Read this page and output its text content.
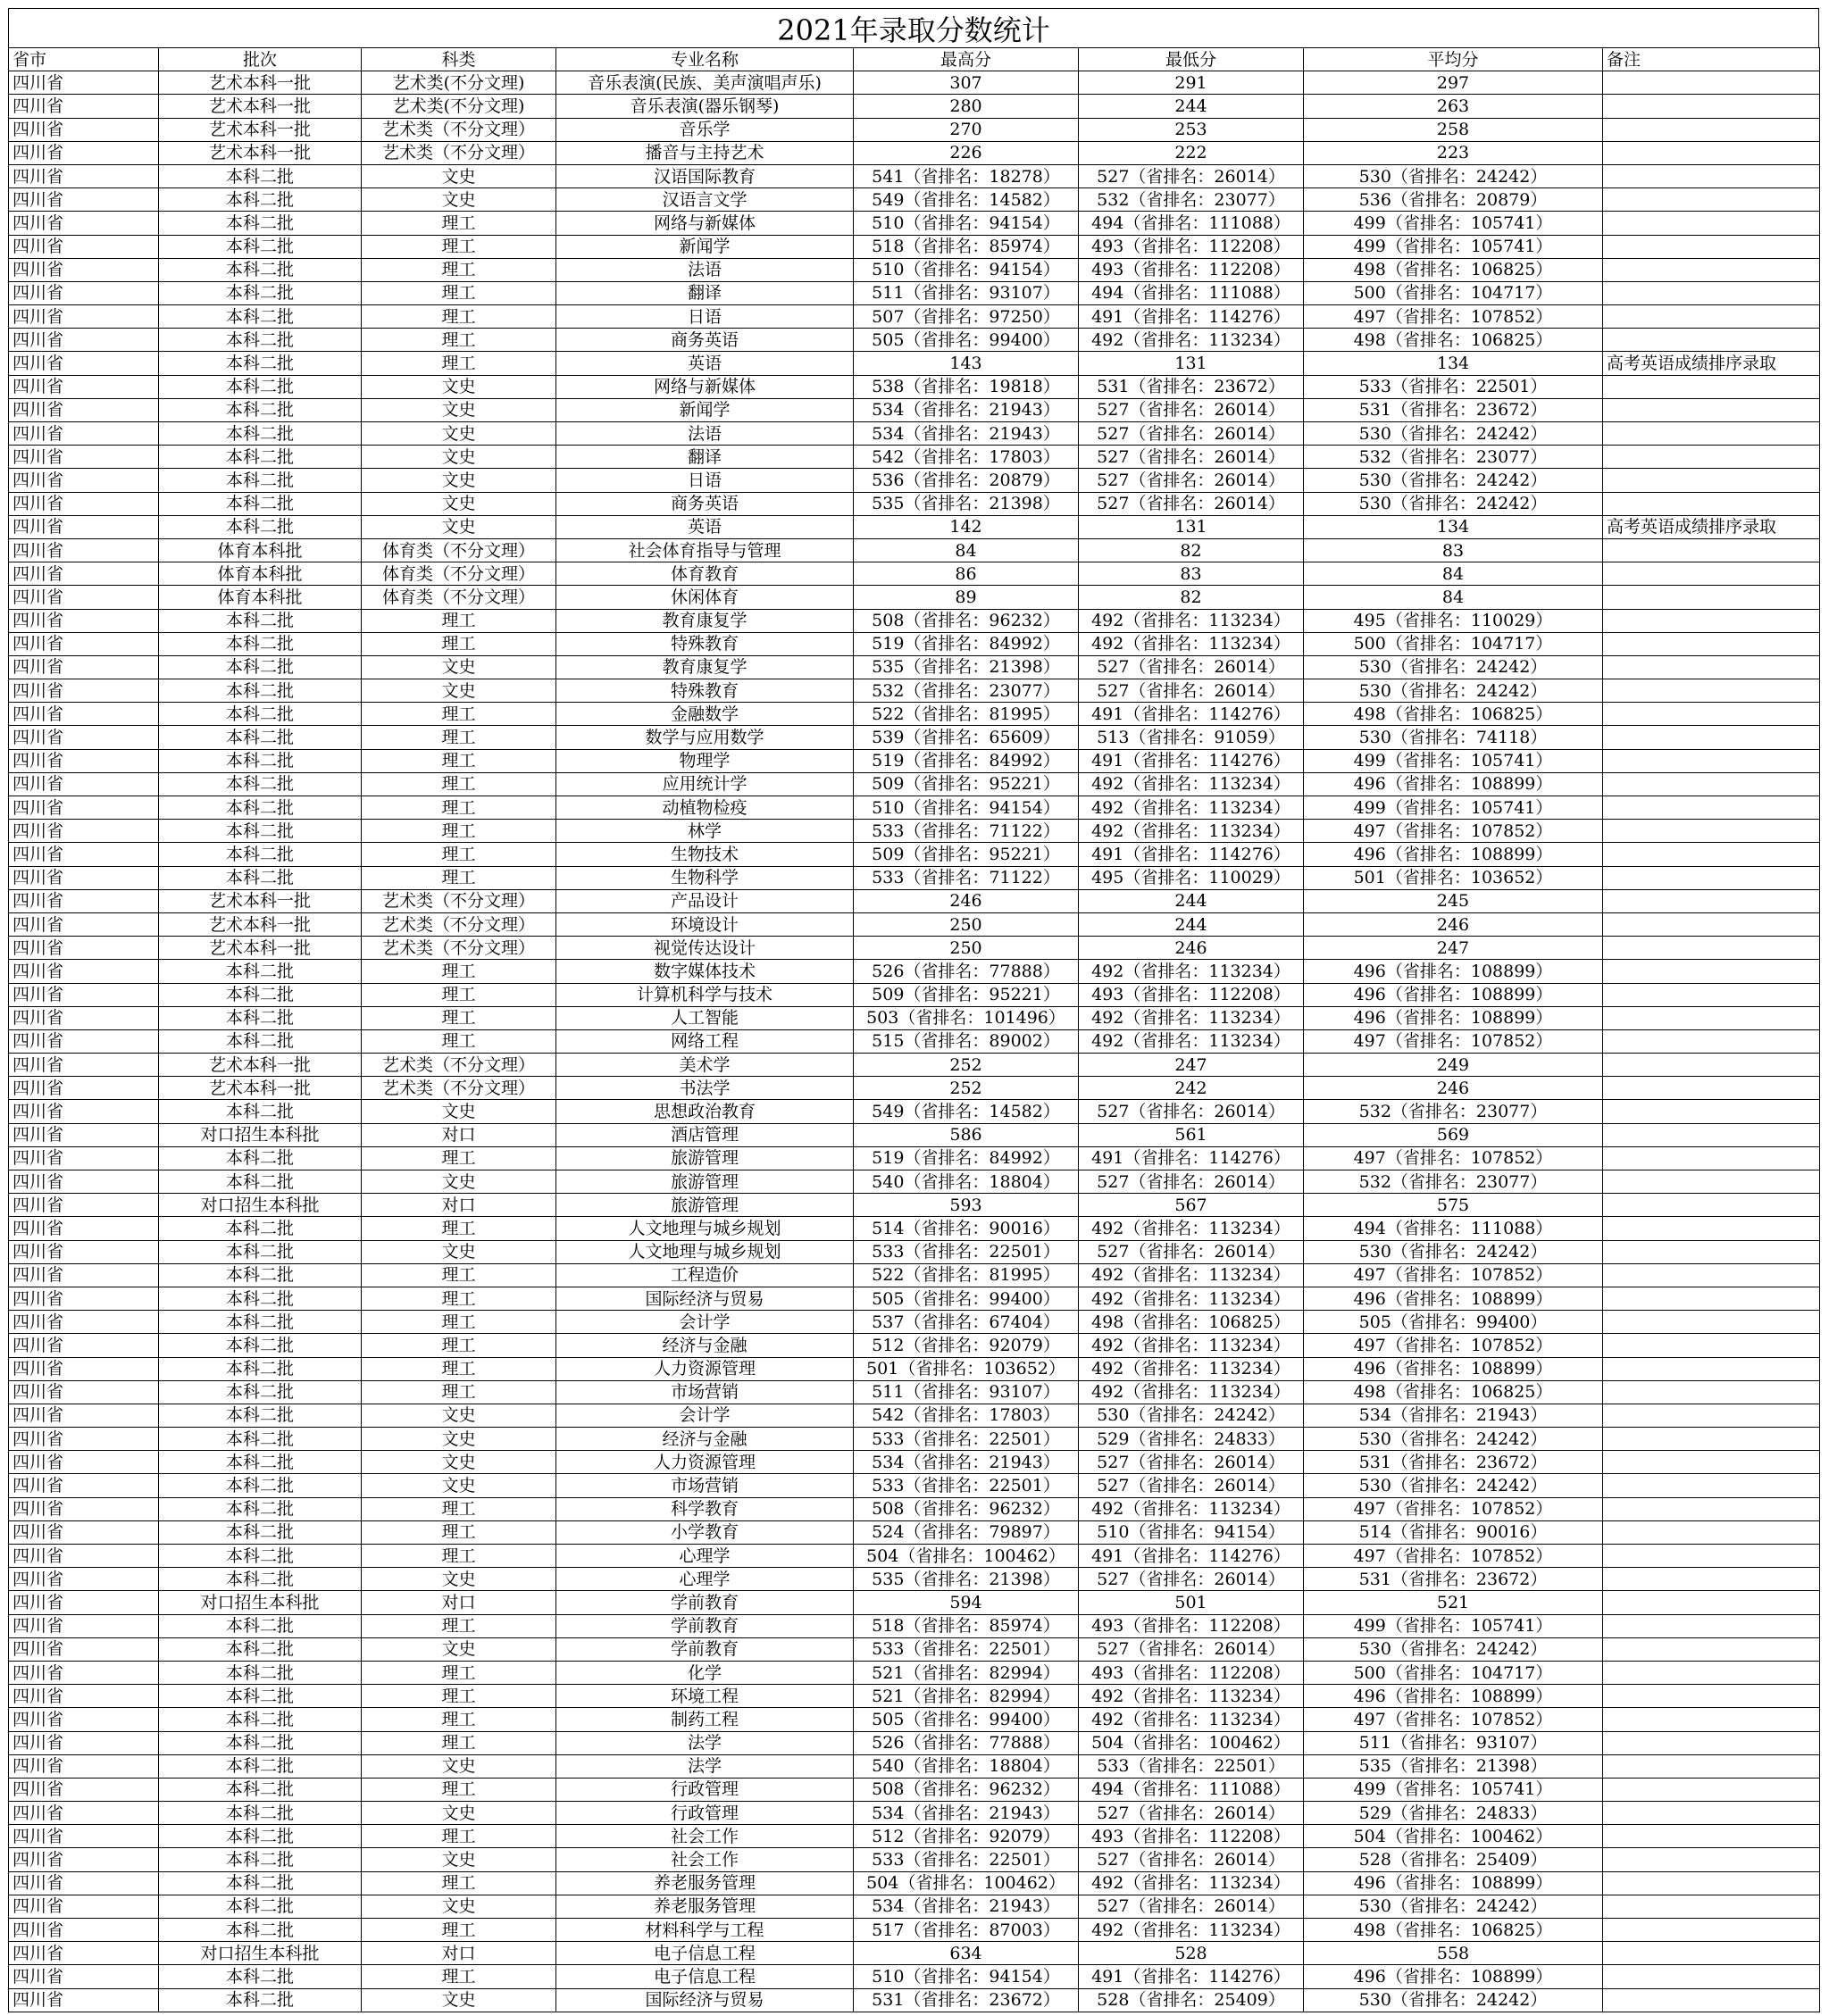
2021年录取分数统计
省市	批次	科类	专业名称	最高分	最低分	平均分	备注
四川省	艺术本科一批	艺术类(不分文理)	音乐表演(民族、美声演唱声乐)	307	291	297	
四川省	艺术本科一批	艺术类(不分文理)	音乐表演(器乐钢琴)	280	244	263	
四川省	艺术本科一批	艺术类（不分文理）	音乐学	270	253	258	
四川省	艺术本科一批	艺术类（不分文理）	播音与主持艺术	226	222	223	
四川省	本科二批	文史	汉语国际教育	541（省排名：18278）	527（省排名：26014）	530（省排名：24242）	
四川省	本科二批	文史	汉语言文学	549（省排名：14582）	532（省排名：23077）	536（省排名：20879）	
四川省	本科二批	理工	网络与新媒体	510（省排名：94154）	494（省排名：111088）	499（省排名：105741）	
四川省	本科二批	理工	新闻学	518（省排名：85974）	493（省排名：112208）	499（省排名：105741）	
四川省	本科二批	理工	法语	510（省排名：94154）	493（省排名：112208）	498（省排名：106825）	
四川省	本科二批	理工	翻译	511（省排名：93107）	494（省排名：111088）	500（省排名：104717）	
四川省	本科二批	理工	日语	507（省排名：97250）	491（省排名：114276）	497（省排名：107852）	
四川省	本科二批	理工	商务英语	505（省排名：99400）	492（省排名：113234）	498（省排名：106825）	
四川省	本科二批	理工	英语	143	131	134	高考英语成绩排序录取
四川省	本科二批	文史	网络与新媒体	538（省排名：19818）	531（省排名：23672）	533（省排名：22501）	
四川省	本科二批	文史	新闻学	534（省排名：21943）	527（省排名：26014）	531（省排名：23672）	
四川省	本科二批	文史	法语	534（省排名：21943）	527（省排名：26014）	530（省排名：24242）	
四川省	本科二批	文史	翻译	542（省排名：17803）	527（省排名：26014）	532（省排名：23077）	
四川省	本科二批	文史	日语	536（省排名：20879）	527（省排名：26014）	530（省排名：24242）	
四川省	本科二批	文史	商务英语	535（省排名：21398）	527（省排名：26014）	530（省排名：24242）	
四川省	本科二批	文史	英语	142	131	134	高考英语成绩排序录取
四川省	体育本科批	体育类（不分文理）	社会体育指导与管理	84	82	83	
四川省	体育本科批	体育类（不分文理）	体育教育	86	83	84	
四川省	体育本科批	体育类（不分文理）	休闲体育	89	82	84	
四川省	本科二批	理工	教育康复学	508（省排名：96232）	492（省排名：113234）	495（省排名：110029）	
四川省	本科二批	理工	特殊教育	519（省排名：84992）	492（省排名：113234）	500（省排名：104717）	
四川省	本科二批	文史	教育康复学	535（省排名：21398）	527（省排名：26014）	530（省排名：24242）	
四川省	本科二批	文史	特殊教育	532（省排名：23077）	527（省排名：26014）	530（省排名：24242）	
四川省	本科二批	理工	金融数学	522（省排名：81995）	491（省排名：114276）	498（省排名：106825）	
四川省	本科二批	理工	数学与应用数学	539（省排名：65609）	513（省排名：91059）	530（省排名：74118）	
四川省	本科二批	理工	物理学	519（省排名：84992）	491（省排名：114276）	499（省排名：105741）	
四川省	本科二批	理工	应用统计学	509（省排名：95221）	492（省排名：113234）	496（省排名：108899）	
四川省	本科二批	理工	动植物检疫	510（省排名：94154）	492（省排名：113234）	499（省排名：105741）	
四川省	本科二批	理工	林学	533（省排名：71122）	492（省排名：113234）	497（省排名：107852）	
四川省	本科二批	理工	生物技术	509（省排名：95221）	491（省排名：114276）	496（省排名：108899）	
四川省	本科二批	理工	生物科学	533（省排名：71122）	495（省排名：110029）	501（省排名：103652）	
四川省	艺术本科一批	艺术类（不分文理）	产品设计	246	244	245	
四川省	艺术本科一批	艺术类（不分文理）	环境设计	250	244	246	
四川省	艺术本科一批	艺术类（不分文理）	视觉传达设计	250	246	247	
四川省	本科二批	理工	数字媒体技术	526（省排名：77888）	492（省排名：113234）	496（省排名：108899）	
四川省	本科二批	理工	计算机科学与技术	509（省排名：95221）	493（省排名：112208）	496（省排名：108899）	
四川省	本科二批	理工	人工智能	503（省排名：101496）	492（省排名：113234）	496（省排名：108899）	
四川省	本科二批	理工	网络工程	515（省排名：89002）	492（省排名：113234）	497（省排名：107852）	
四川省	艺术本科一批	艺术类（不分文理）	美术学	252	247	249	
四川省	艺术本科一批	艺术类（不分文理）	书法学	252	242	246	
四川省	本科二批	文史	思想政治教育	549（省排名：14582）	527（省排名：26014）	532（省排名：23077）	
四川省	对口招生本科批	对口	酒店管理	586	561	569	
四川省	本科二批	理工	旅游管理	519（省排名：84992）	491（省排名：114276）	497（省排名：107852）	
四川省	本科二批	文史	旅游管理	540（省排名：18804）	527（省排名：26014）	532（省排名：23077）	
四川省	对口招生本科批	对口	旅游管理	593	567	575	
四川省	本科二批	理工	人文地理与城乡规划	514（省排名：90016）	492（省排名：113234）	494（省排名：111088）	
四川省	本科二批	文史	人文地理与城乡规划	533（省排名：22501）	527（省排名：26014）	530（省排名：24242）	
四川省	本科二批	理工	工程造价	522（省排名：81995）	492（省排名：113234）	497（省排名：107852）	
四川省	本科二批	理工	国际经济与贸易	505（省排名：99400）	492（省排名：113234）	496（省排名：108899）	
四川省	本科二批	理工	会计学	537（省排名：67404）	498（省排名：106825）	505（省排名：99400）	
四川省	本科二批	理工	经济与金融	512（省排名：92079）	492（省排名：113234）	497（省排名：107852）	
四川省	本科二批	理工	人力资源管理	501（省排名：103652）	492（省排名：113234）	496（省排名：108899）	
四川省	本科二批	理工	市场营销	511（省排名：93107）	492（省排名：113234）	498（省排名：106825）	
四川省	本科二批	文史	会计学	542（省排名：17803）	530（省排名：24242）	534（省排名：21943）	
四川省	本科二批	文史	经济与金融	533（省排名：22501）	529（省排名：24833）	530（省排名：24242）	
四川省	本科二批	文史	人力资源管理	534（省排名：21943）	527（省排名：26014）	531（省排名：23672）	
四川省	本科二批	文史	市场营销	533（省排名：22501）	527（省排名：26014）	530（省排名：24242）	
四川省	本科二批	理工	科学教育	508（省排名：96232）	492（省排名：113234）	497（省排名：107852）	
四川省	本科二批	理工	小学教育	524（省排名：79897）	510（省排名：94154）	514（省排名：90016）	
四川省	本科二批	理工	心理学	504（省排名：100462）	491（省排名：114276）	497（省排名：107852）	
四川省	本科二批	文史	心理学	535（省排名：21398）	527（省排名：26014）	531（省排名：23672）	
四川省	对口招生本科批	对口	学前教育	594	501	521	
四川省	本科二批	理工	学前教育	518（省排名：85974）	493（省排名：112208）	499（省排名：105741）	
四川省	本科二批	文史	学前教育	533（省排名：22501）	527（省排名：26014）	530（省排名：24242）	
四川省	本科二批	理工	化学	521（省排名：82994）	493（省排名：112208）	500（省排名：104717）	
四川省	本科二批	理工	环境工程	521（省排名：82994）	492（省排名：113234）	496（省排名：108899）	
四川省	本科二批	理工	制药工程	505（省排名：99400）	492（省排名：113234）	497（省排名：107852）	
四川省	本科二批	理工	法学	526（省排名：77888）	504（省排名：100462）	511（省排名：93107）	
四川省	本科二批	文史	法学	540（省排名：18804）	533（省排名：22501）	535（省排名：21398）	
四川省	本科二批	理工	行政管理	508（省排名：96232）	494（省排名：111088）	499（省排名：105741）	
四川省	本科二批	文史	行政管理	534（省排名：21943）	527（省排名：26014）	529（省排名：24833）	
四川省	本科二批	理工	社会工作	512（省排名：92079）	493（省排名：112208）	504（省排名：100462）	
四川省	本科二批	文史	社会工作	533（省排名：22501）	527（省排名：26014）	528（省排名：25409）	
四川省	本科二批	理工	养老服务管理	504（省排名：100462）	492（省排名：113234）	496（省排名：108899）	
四川省	本科二批	文史	养老服务管理	534（省排名：21943）	527（省排名：26014）	530（省排名：24242）	
四川省	本科二批	理工	材料科学与工程	517（省排名：87003）	492（省排名：113234）	498（省排名：106825）	
四川省	对口招生本科批	对口	电子信息工程	634	528	558	
四川省	本科二批	理工	电子信息工程	510（省排名：94154）	491（省排名：114276）	496（省排名：108899）	
四川省	本科二批	文史	国际经济与贸易	531（省排名：23672）	528（省排名：25409）	530（省排名：24242）	
